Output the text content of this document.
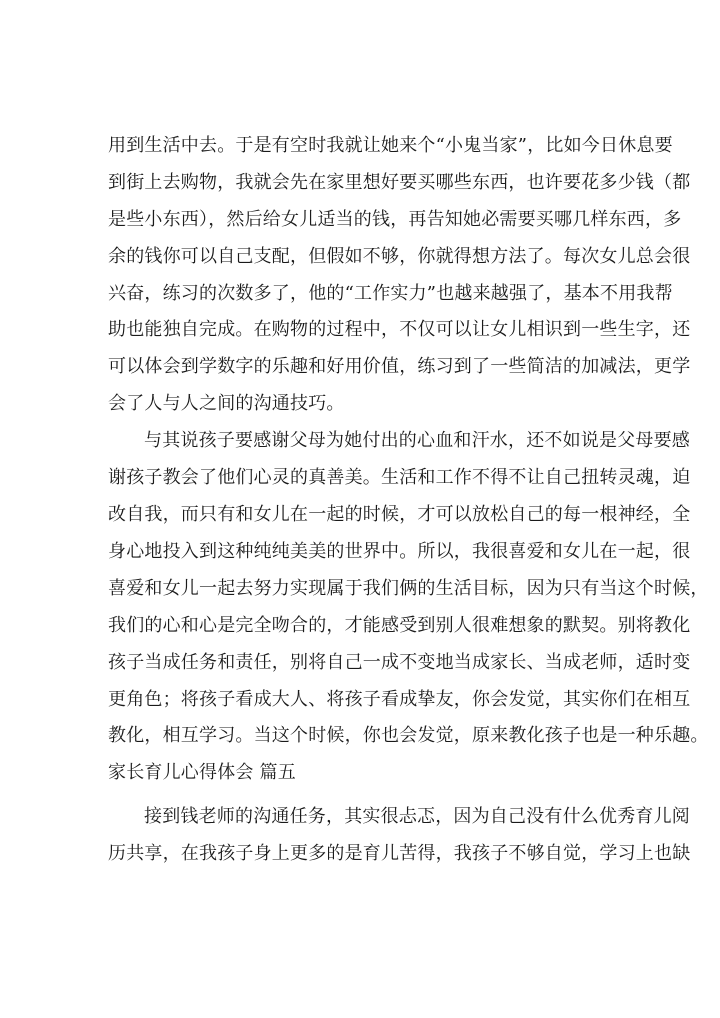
用到生活中去。于是有空时我就让她来个“小鬼当家”，比如今日休息要
到街上去购物，我就会先在家里想好要买哪些东西，也许要花多少钱（都
是些小东西），然后给女儿适当的钱，再告知她必需要买哪几样东西，多
余的钱你可以自己支配，但假如不够，你就得想方法了。每次女儿总会很
兴奋，练习的次数多了，他的“工作实力”也越来越强了，基本不用我帮
助也能独自完成。在购物的过程中，不仅可以让女儿相识到一些生字，还
可以体会到学数字的乐趣和好用价值，练习到了一些简洁的加减法，更学
会了人与人之间的沟通技巧。
与其说孩子要感谢父母为她付出的心血和汗水，还不如说是父母要感
谢孩子教会了他们心灵的真善美。生活和工作不得不让自己扭转灵魂，迫
改自我，而只有和女儿在一起的时候，才可以放松自己的每一根神经，全
身心地投入到这种纯纯美美的世界中。所以，我很喜爱和女儿在一起，很
喜爱和女儿一起去努力实现属于我们俩的生活目标，因为只有当这个时候，
我们的心和心是完全吻合的，才能感受到别人很难想象的默契。别将教化
孩子当成任务和责任，别将自己一成不变地当成家长、当成老师，适时变
更角色；将孩子看成大人、将孩子看成挚友，你会发觉，其实你们在相互
教化，相互学习。当这个时候，你也会发觉，原来教化孩子也是一种乐趣。
家长育儿心得体会 篇五
接到钱老师的沟通任务，其实很忐忑，因为自己没有什么优秀育儿阅
历共享，在我孩子身上更多的是育儿苦得，我孩子不够自觉，学习上也缺
